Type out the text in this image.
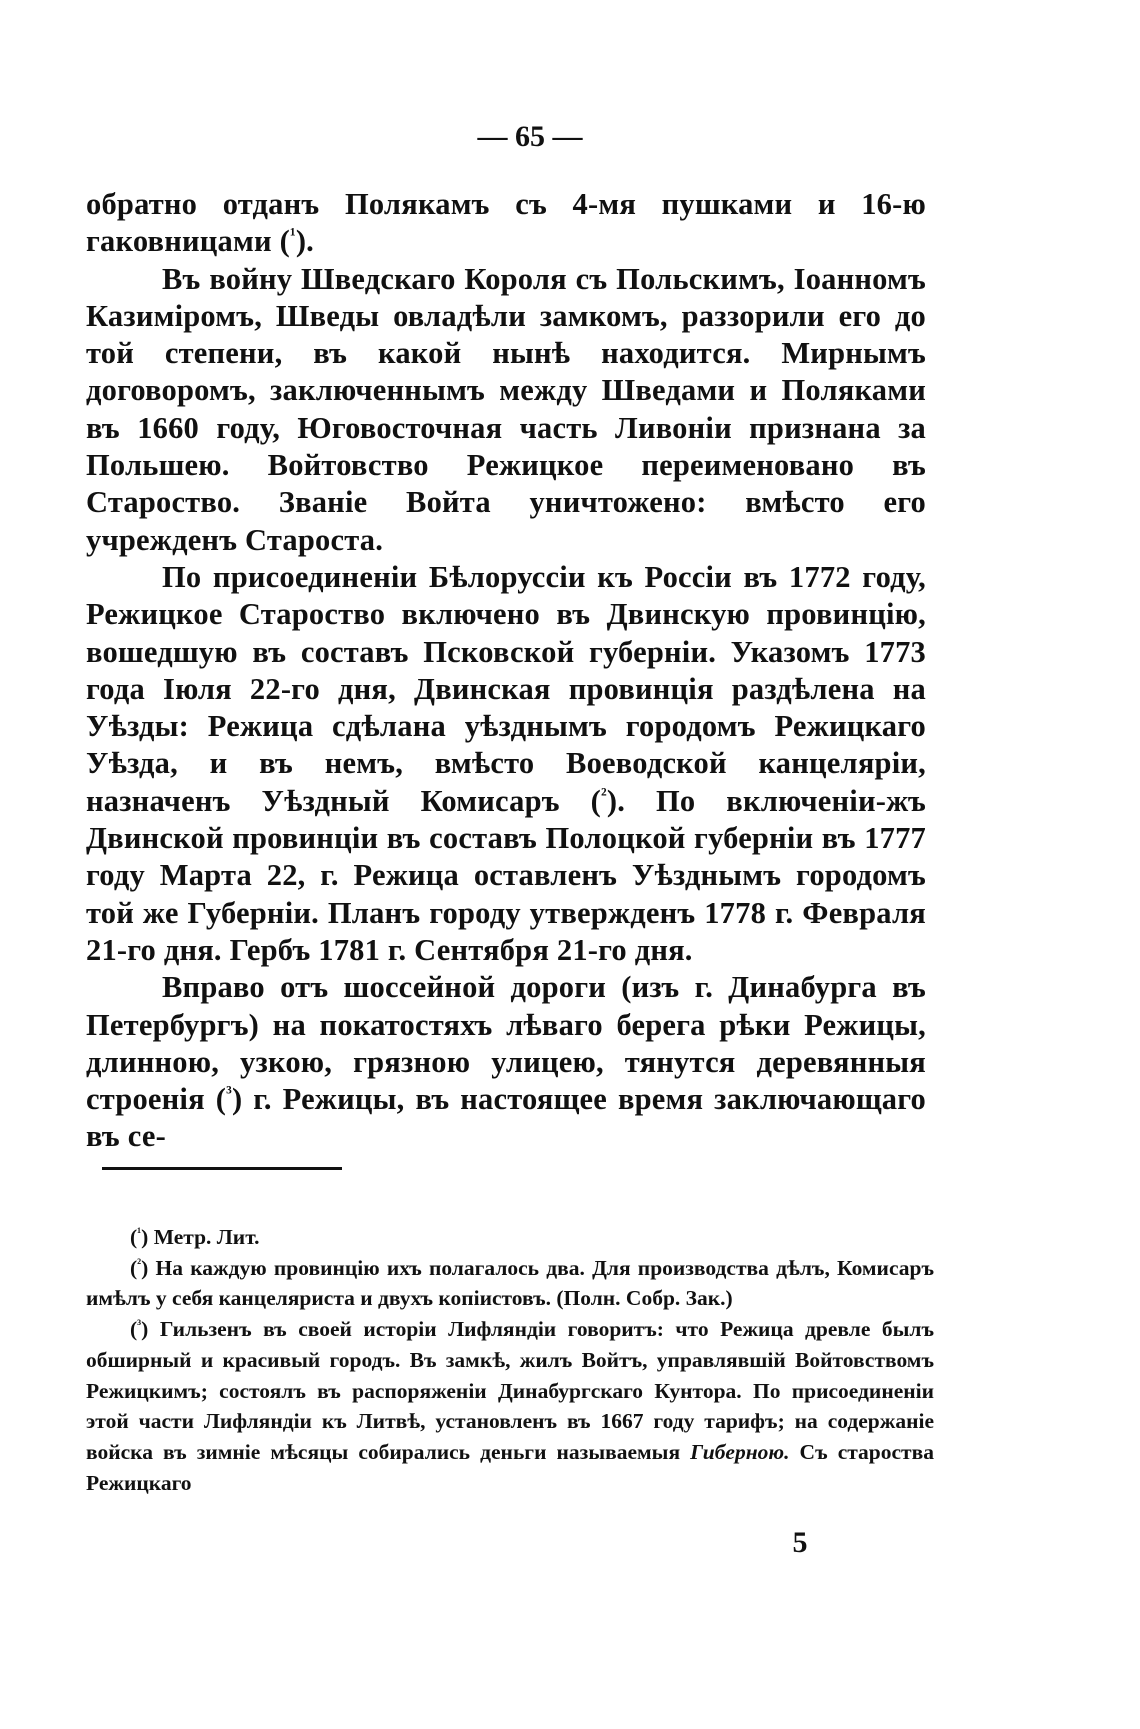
— 65 —

обратно отданъ Полякамъ съ 4-мя пушками и 16-ю гаковницами ($^{^1}$).

Въ войну Шведскаго Короля съ Польскимъ, Іоанномъ Казиміромъ, Шведы овладѣли замкомъ, раззорили его до той степени, въ какой нынѣ находится. Мирнымъ договоромъ, заключеннымъ между Шведами и Поляками въ 1660 году, Юговосточная часть Ливоніи признана за Польшею. Войтовство Режицкое переименовано въ Староство. Званіе Войта уничтожено: вмѣсто его учрежденъ Староста.

По присоединеніи Бѣлоруссіи къ Россіи въ 1772 году, Режицкое Староство включено въ Двинскую провинцію, вошедшую въ составъ Псковской губерніи. Указомъ 1773 года Іюля 22-го дня, Двинская провинція раздѣлена на Уѣзды: Режица сдѣлана уѣзднымъ городомъ Режицкаго Уѣзда, и въ немъ, вмѣсто Воеводской канцеляріи, назначенъ Уѣздный Комисаръ ($^{^2}$). По включеніи-жъ Двинской провинціи въ составъ Полоцкой губерніи въ 1777 году Марта 22, г. Режица оставленъ Уѣзднымъ городомъ той же Губерніи. Планъ городу утвержденъ 1778 г. Февраля 21-го дня. Гербъ 1781 г. Сентября 21-го дня.

Вправо отъ шоссейной дороги (изъ г. Динабурга въ Петербургъ) на покатостяхъ лѣваго берега рѣки Режицы, длинною, узкою, грязною улицею, тянутся деревянныя строенія ($^{^3}$) г. Режицы, въ настоящее время заключающаго въ се-

($^{^1}$) Метр. Лит.

($^{^2}$) На каждую провинцію ихъ полагалось два. Для производства дѣлъ, Комисаръ имѣлъ у себя канцеляриста и двухъ копіистовъ. (Полн. Собр. Зак.)

($^{^3}$) Гильзенъ въ своей исторіи Лифляндіи говоритъ: что Режица древле былъ обширный и красивый городъ. Въ замкѣ, жилъ Войтъ, управлявшій Войтовствомъ Режицкимъ; состоялъ въ распоряженіи Динабургскаго Кунтора. По присоединеніи этой части Лифляндіи къ Литвѣ, установленъ въ 1667 году тарифъ; на содержаніе войска въ зимніе мѣсяцы собирались деньги называемыя Гиберною. Съ староства Режицкаго

5
